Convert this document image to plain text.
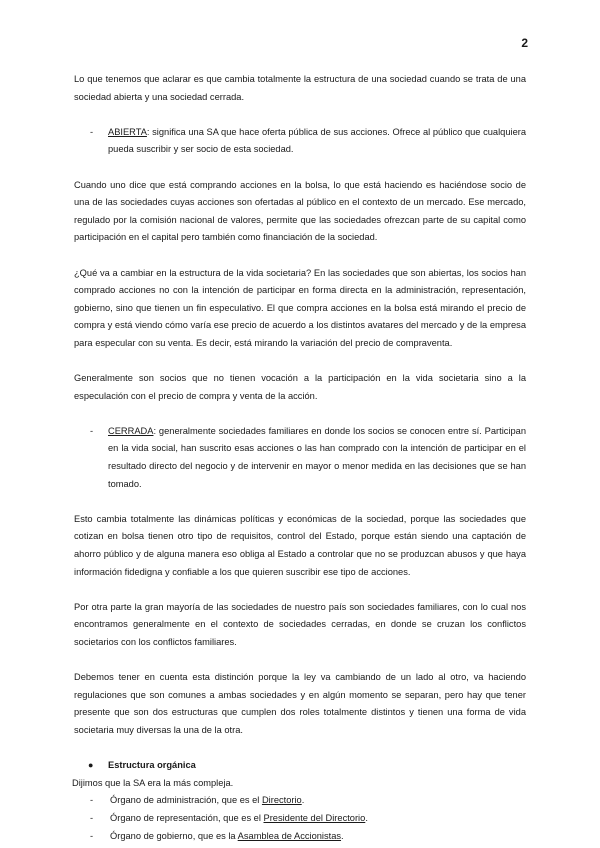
2

Lo que tenemos que aclarar es que cambia totalmente la estructura de una sociedad cuando se trata de una sociedad abierta y una sociedad cerrada.

-	ABIERTA: significa una SA que hace oferta pública de sus acciones. Ofrece al público que cualquiera pueda suscribir y ser socio de esta sociedad.

Cuando uno dice que está comprando acciones en la bolsa, lo que está haciendo es haciéndose socio de una de las sociedades cuyas acciones son ofertadas al público en el contexto de un mercado. Ese mercado, regulado por la comisión nacional de valores, permite que las sociedades ofrezcan parte de su capital como participación en el capital pero también como financiación de la sociedad.

¿Qué va a cambiar en la estructura de la vida societaria? En las sociedades que son abiertas, los socios han comprado acciones no con la intención de participar en forma directa en la administración, representación, gobierno, sino que tienen un fin especulativo. El que compra acciones en la bolsa está mirando el precio de compra y está viendo cómo varía ese precio de acuerdo a los distintos avatares del mercado y de la empresa para especular con su venta. Es decir, está mirando la variación del precio de compraventa.

Generalmente son socios que no tienen vocación a la participación en la vida societaria sino a la especulación con el precio de compra y venta de la acción.

-	CERRADA: generalmente sociedades familiares en donde los socios se conocen entre sí. Participan en la vida social, han suscrito esas acciones o las han comprado con la intención de participar en el resultado directo del negocio y de intervenir en mayor o menor medida en las decisiones que se han tomado.

Esto cambia totalmente las dinámicas políticas y económicas de la sociedad, porque las sociedades que cotizan en bolsa tienen otro tipo de requisitos, control del Estado, porque están siendo una captación de ahorro público y de alguna manera eso obliga al Estado a controlar que no se produzcan abusos y que haya información fidedigna y confiable a los que quieren suscribir ese tipo de acciones.

Por otra parte la gran mayoría de las sociedades de nuestro país son sociedades familiares, con lo cual nos encontramos generalmente en el contexto de sociedades cerradas, en donde se cruzan los conflictos societarios con los conflictos familiares.

Debemos tener en cuenta esta distinción porque la ley va cambiando de un lado al otro, va haciendo regulaciones que son comunes a ambas sociedades y en algún momento se separan, pero hay que tener presente que son dos estructuras que cumplen dos roles totalmente distintos y tienen una forma de vida societaria muy diversas la una de la otra.

●	Estructura orgánica
Dijimos que la SA era la más compleja.
-	Órgano de administración, que es el Directorio.
-	Órgano de representación, que es el Presidente del Directorio.
-	Órgano de gobierno, que es la Asamblea de Accionistas.
